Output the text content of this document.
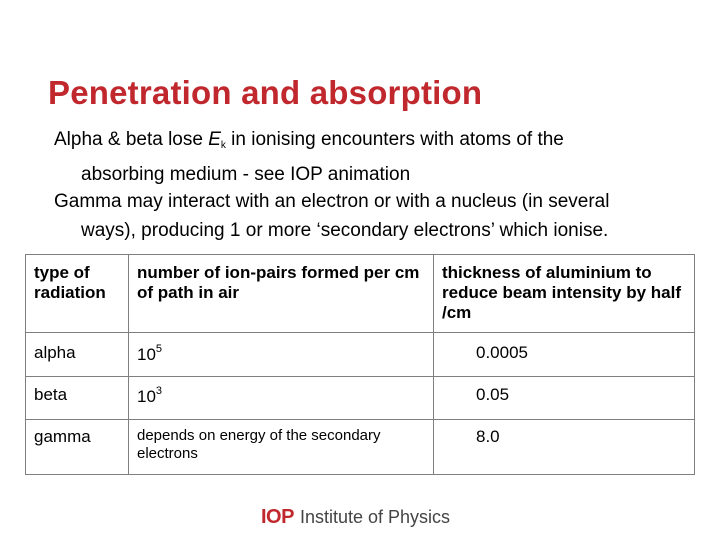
Penetration and absorption

Alpha & beta lose $E_k$ in ionising encounters with atoms of the
absorbing medium - see IOP animation

Gamma may interact with an electron or with a nucleus (in several
ways), producing 1 or more ‘secondary electrons’ which ionise.

type of radiation	number of ion-pairs formed per cm of path in air	thickness of aluminium to reduce beam intensity by half /cm
alpha	$10^5$	0.0005
beta	$10^3$	0.05
gamma	depends on energy of the secondary electrons	8.0
IOP Institute of Physics
